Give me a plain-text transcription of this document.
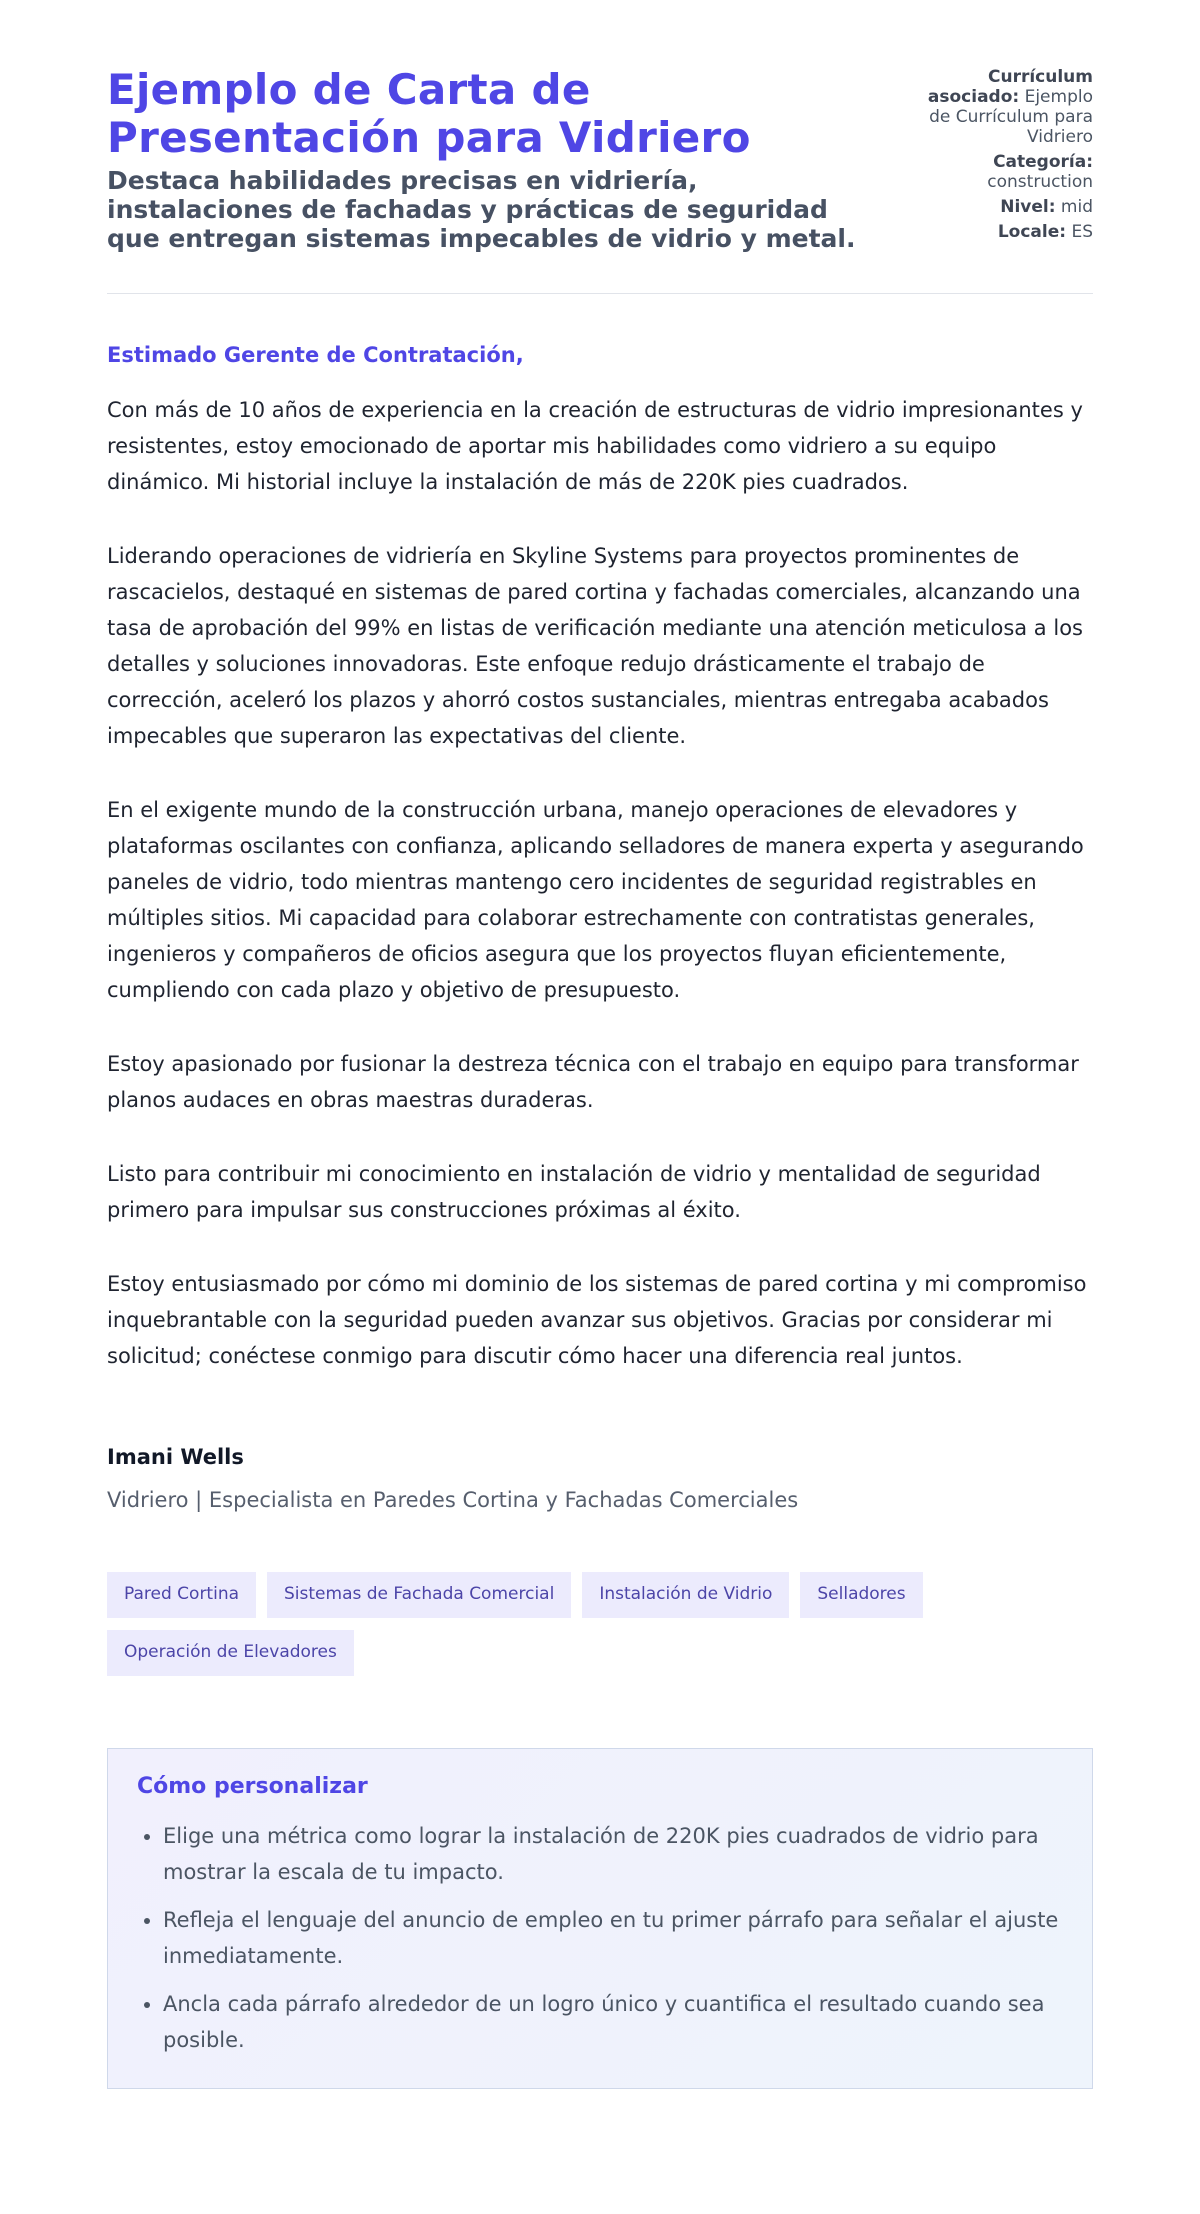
Ejemplo de Carta de Presentación para Vidriero
Destaca habilidades precisas en vidriería, instalaciones de fachadas y prácticas de seguridad que entregan sistemas impecables de vidrio y metal.
Currículum asociado: Ejemplo de Currículum para Vidriero
Categoría: construction
Nivel: mid
Locale: ES
Estimado Gerente de Contratación,

Con más de 10 años de experiencia en la creación de estructuras de vidrio impresionantes y resistentes, estoy emocionado de aportar mis habilidades como vidriero a su equipo dinámico. Mi historial incluye la instalación de más de 220K pies cuadrados.

Liderando operaciones de vidriería en Skyline Systems para proyectos prominentes de rascacielos, destaqué en sistemas de pared cortina y fachadas comerciales, alcanzando una tasa de aprobación del 99% en listas de verificación mediante una atención meticulosa a los detalles y soluciones innovadoras. Este enfoque redujo drásticamente el trabajo de corrección, aceleró los plazos y ahorró costos sustanciales, mientras entregaba acabados impecables que superaron las expectativas del cliente.

En el exigente mundo de la construcción urbana, manejo operaciones de elevadores y plataformas oscilantes con confianza, aplicando selladores de manera experta y asegurando paneles de vidrio, todo mientras mantengo cero incidentes de seguridad registrables en múltiples sitios. Mi capacidad para colaborar estrechamente con contratistas generales, ingenieros y compañeros de oficios asegura que los proyectos fluyan eficientemente, cumpliendo con cada plazo y objetivo de presupuesto.

Estoy apasionado por fusionar la destreza técnica con el trabajo en equipo para transformar planos audaces en obras maestras duraderas.

Listo para contribuir mi conocimiento en instalación de vidrio y mentalidad de seguridad primero para impulsar sus construcciones próximas al éxito.

Estoy entusiasmado por cómo mi dominio de los sistemas de pared cortina y mi compromiso inquebrantable con la seguridad pueden avanzar sus objetivos. Gracias por considerar mi solicitud; conéctese conmigo para discutir cómo hacer una diferencia real juntos.

Imani Wells
Vidriero | Especialista en Paredes Cortina y Fachadas Comerciales
Pared Cortina	Sistemas de Fachada Comercial	Instalación de Vidrio	Selladores
Operación de Elevadores
Cómo personalizar
• Elige una métrica como lograr la instalación de 220K pies cuadrados de vidrio para mostrar la escala de tu impacto.
• Refleja el lenguaje del anuncio de empleo en tu primer párrafo para señalar el ajuste inmediatamente.
• Ancla cada párrafo alrededor de un logro único y cuantifica el resultado cuando sea posible.
